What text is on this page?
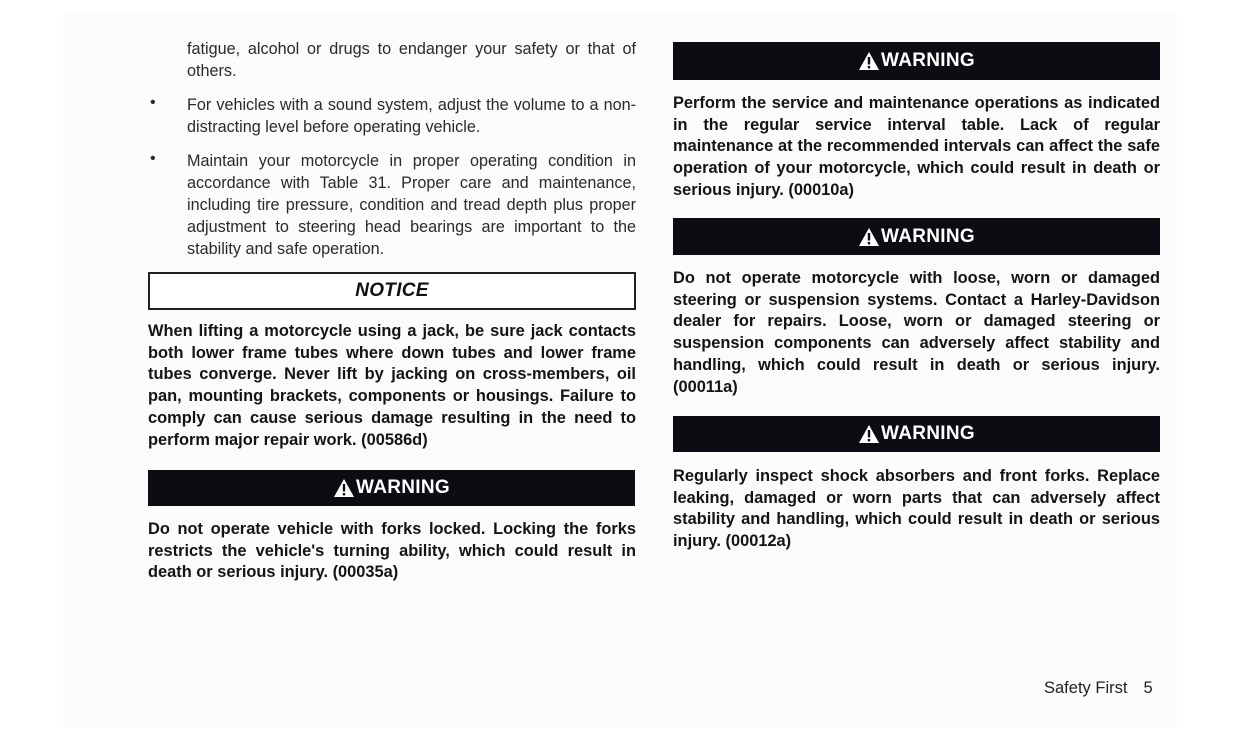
fatigue, alcohol or drugs to endanger your safety or that of others.

• For vehicles with a sound system, adjust the volume to a non-distracting level before operating vehicle.

• Maintain your motorcycle in proper operating condition in accordance with Table 31. Proper care and maintenance, including tire pressure, condition and tread depth plus proper adjustment to steering head bearings are important to the stability and safe operation.

NOTICE

When lifting a motorcycle using a jack, be sure jack contacts both lower frame tubes where down tubes and lower frame tubes converge. Never lift by jacking on cross-members, oil pan, mounting brackets, components or housings. Failure to comply can cause serious damage resulting in the need to perform major repair work. (00586d)

WARNING

Do not operate vehicle with forks locked. Locking the forks restricts the vehicle's turning ability, which could result in death or serious injury. (00035a)

WARNING

Perform the service and maintenance operations as indicated in the regular service interval table. Lack of regular maintenance at the recommended intervals can affect the safe operation of your motorcycle, which could result in death or serious injury. (00010a)

WARNING

Do not operate motorcycle with loose, worn or damaged steering or suspension systems. Contact a Harley-Davidson dealer for repairs. Loose, worn or damaged steering or suspension components can adversely affect stability and handling, which could result in death or serious injury. (00011a)

WARNING

Regularly inspect shock absorbers and front forks. Replace leaking, damaged or worn parts that can adversely affect stability and handling, which could result in death or serious injury. (00012a)

Safety First 5
